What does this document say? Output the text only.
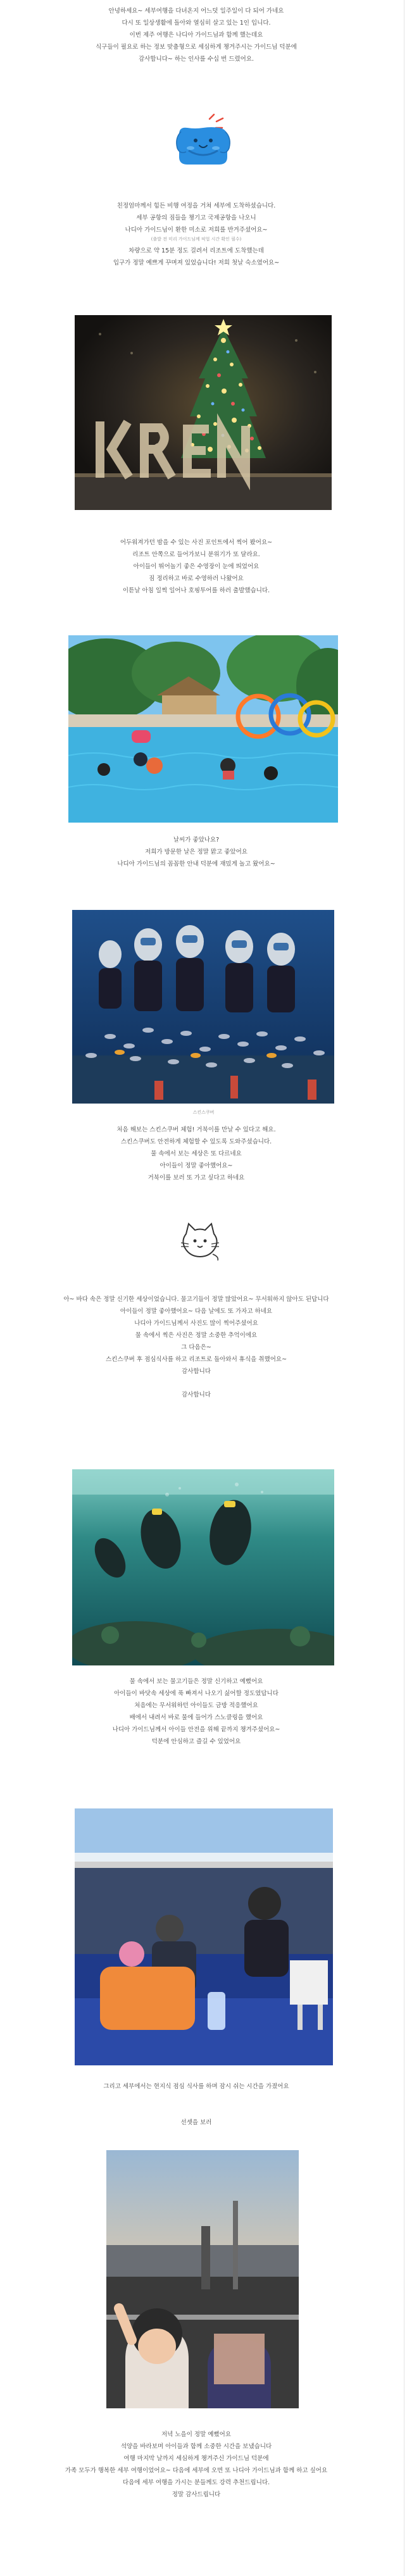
안녕하세요~ 세부여행을 다녀온지 어느덧 일주일이 다 되어 가네요

다시 또 일상생활에 돌아와 열심히 살고 있는 1인 입니다.

이번 제주 여행은 나디아 가이드님과 함께 했는데요

식구들이 필요로 하는 정보 맞춤형으로 세심하게 챙겨주시는 가이드님 덕분에

감사합니다~ 하는 인사를 수십 번 드렸어요.

친정엄마께서 힘든 비행 여정을 거쳐 세부에 도착하셨습니다.

세부 공항의 짐들을 챙기고 국제공항을 나오니

나디아 가이드님이 환한 미소로 저희를 반겨주셨어요~

(출발 전 미리 가이드님께 픽업 시간 확인 필수)

차량으로 약 15분 정도 걸려서 리조트에 도착했는데

입구가 정말 예쁘게 꾸며져 있었습니다! 저희 첫날 숙소였어요~

어두워져가던 밤을 수 있는 사진 포인트에서 찍어 봤어요~

리조트 안쪽으로 들어가보니 분위기가 또 달라요.

아이들이 뛰어놀기 좋은 수영장이 눈에 띄었어요

짐 정리하고 바로 수영하러 나왔어요

이튿날 아침 일찍 일어나 호핑투어를 하러 출발했습니다.

날씨가 좋았나요?

저희가 방문한 날은 정말 맑고 좋았어요

나디아 가이드님의 꼼꼼한 안내 덕분에 재밌게 놀고 왔어요~

스킨스쿠버

처음 해보는 스킨스쿠버 체험! 거북이를 만날 수 있다고 해요.

스킨스쿠버도 안전하게 체험할 수 있도록 도와주셨습니다.

물 속에서 보는 세상은 또 다르네요

아이들이 정말 좋아했어요~

거북이를 보러 또 가고 싶다고 하네요

아~ 바다 속은 정말 신기한 세상이었습니다. 물고기들이 정말 많았어요~ 무서워하지 않아도 된답니다

아이들이 정말 좋아했어요~ 다음 날에도 또 가자고 하네요

나디아 가이드님께서 사진도 많이 찍어주셨어요

물 속에서 찍은 사진은 정말 소중한 추억이에요

그 다음은~

스킨스쿠버 후 점심식사를 하고 리조트로 돌아와서 휴식을 취했어요~

감사합니다

감사합니다

물 속에서 보는 물고기들은 정말 신기하고 예뻤어요

아이들이 바닷속 세상에 푹 빠져서 나오기 싫어할 정도였답니다

처음에는 무서워하던 아이들도 금방 적응했어요

배에서 내려서 바로 물에 들어가 스노클링을 했어요

나디아 가이드님께서 아이들 안전을 위해 끝까지 챙겨주셨어요~

덕분에 안심하고 즐길 수 있었어요

그리고 세부에서는 현지식 점심 식사를 하며 잠시 쉬는 시간을 가졌어요

선셋을 보러

저녁 노을이 정말 예뻤어요

석양을 바라보며 아이들과 함께 소중한 시간을 보냈습니다

여행 마지막 날까지 세심하게 챙겨주신 가이드님 덕분에

가족 모두가 행복한 세부 여행이었어요~ 다음에 세부에 오면 또 나디아 가이드님과 함께 하고 싶어요

다음에 세부 여행을 가시는 분들께도 강력 추천드립니다.

정말 감사드립니다
